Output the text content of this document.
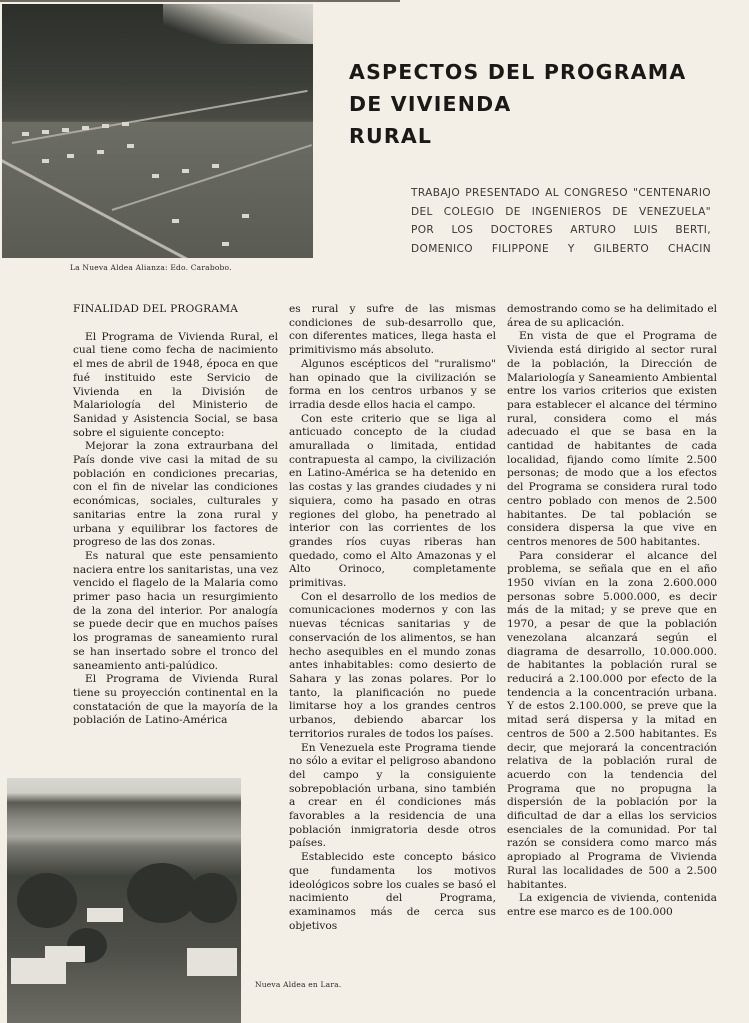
La Nueva Aldea Alianza: Edo. Carabobo.
ASPECTOS DEL PROGRAMA
DE VIVIENDA
RURAL
TRABAJO PRESENTADO AL CONGRESO "CENTENARIO
DEL COLEGIO DE INGENIEROS DE VENEZUELA"
POR LOS DOCTORES ARTURO LUIS BERTI,
DOMENICO FILIPPONE Y GILBERTO CHACIN
FINALIDAD DEL PROGRAMA

El Programa de Vivienda Rural, el cual tiene como fecha de nacimiento el mes de abril de 1948, época en que fué instituido este Servicio de Vivienda en la División de Malariología del Ministerio de Sanidad y Asistencia Social, se basa sobre el siguiente concepto:

Mejorar la zona extraurbana del País donde vive casi la mitad de su población en condiciones precarias, con el fin de nivelar las condiciones económicas, sociales, culturales y sanitarias entre la zona rural y urbana y equilibrar los factores de progreso de las dos zonas.

Es natural que este pensamiento naciera entre los sanitaristas, una vez vencido el flagelo de la Malaria como primer paso hacia un resurgimiento de la zona del interior. Por analogía se puede decir que en muchos países los programas de saneamiento rural se han insertado sobre el tronco del saneamiento anti-palúdico.

El Programa de Vivienda Rural tiene su proyección continental en la constatación de que la mayoría de la población de Latino-América

Nueva Aldea en Lara.

es rural y sufre de las mismas condiciones de sub-desarrollo que, con diferentes matices, llega hasta el primitivismo más absoluto.

Algunos escépticos del "ruralismo" han opinado que la civilización se forma en los centros urbanos y se irradia desde ellos hacia el campo.

Con este criterio que se liga al anticuado concepto de la ciudad amurallada o limitada, entidad contrapuesta al campo, la civilización en Latino-América se ha detenido en las costas y las grandes ciudades y ni siquiera, como ha pasado en otras regiones del globo, ha penetrado al interior con las corrientes de los grandes ríos cuyas riberas han quedado, como el Alto Amazonas y el Alto Orinoco, completamente primitivas.

Con el desarrollo de los medios de comunicaciones modernos y con las nuevas técnicas sanitarias y de conservación de los alimentos, se han hecho asequibles en el mundo zonas antes inhabitables: como desierto de Sahara y las zonas polares. Por lo tanto, la planificación no puede limitarse hoy a los grandes centros urbanos, debiendo abarcar los territorios rurales de todos los países.

En Venezuela este Programa tiende no sólo a evitar el peligroso abandono del campo y la consiguiente sobrepoblación urbana, sino también a crear en él condiciones más favorables a la residencia de una población inmigratoria desde otros países.

Establecido este concepto básico que fundamenta los motivos ideológicos sobre los cuales se basó el nacimiento del Programa, examinamos más de cerca sus objetivos

demostrando como se ha delimitado el área de su aplicación.

En vista de que el Programa de Vivienda está dirigido al sector rural de la población, la Dirección de Malariología y Saneamiento Ambiental entre los varios criterios que existen para establecer el alcance del término rural, considera como el más adecuado el que se basa en la cantidad de habitantes de cada localidad, fijando como límite 2.500 personas; de modo que a los efectos del Programa se considera rural todo centro poblado con menos de 2.500 habitantes. De tal población se considera dispersa la que vive en centros menores de 500 habitantes.

Para considerar el alcance del problema, se señala que en el año 1950 vivían en la zona 2.600.000 personas sobre 5.000.000, es decir más de la mitad; y se preve que en 1970, a pesar de que la población venezolana alcanzará según el diagrama de desarrollo, 10.000.000. de habitantes la población rural se reducirá a 2.100.000 por efecto de la tendencia a la concentración urbana. Y de estos 2.100.000, se preve que la mitad será dispersa y la mitad en centros de 500 a 2.500 habitantes. Es decir, que mejorará la concentración relativa de la población rural de acuerdo con la tendencia del Programa que no propugna la dispersión de la población por la dificultad de dar a ellas los servicios esenciales de la comunidad. Por tal razón se considera como marco más apropiado al Programa de Vivienda Rural las localidades de 500 a 2.500 habitantes.

La exigencia de vivienda, contenida entre ese marco es de 100.000
